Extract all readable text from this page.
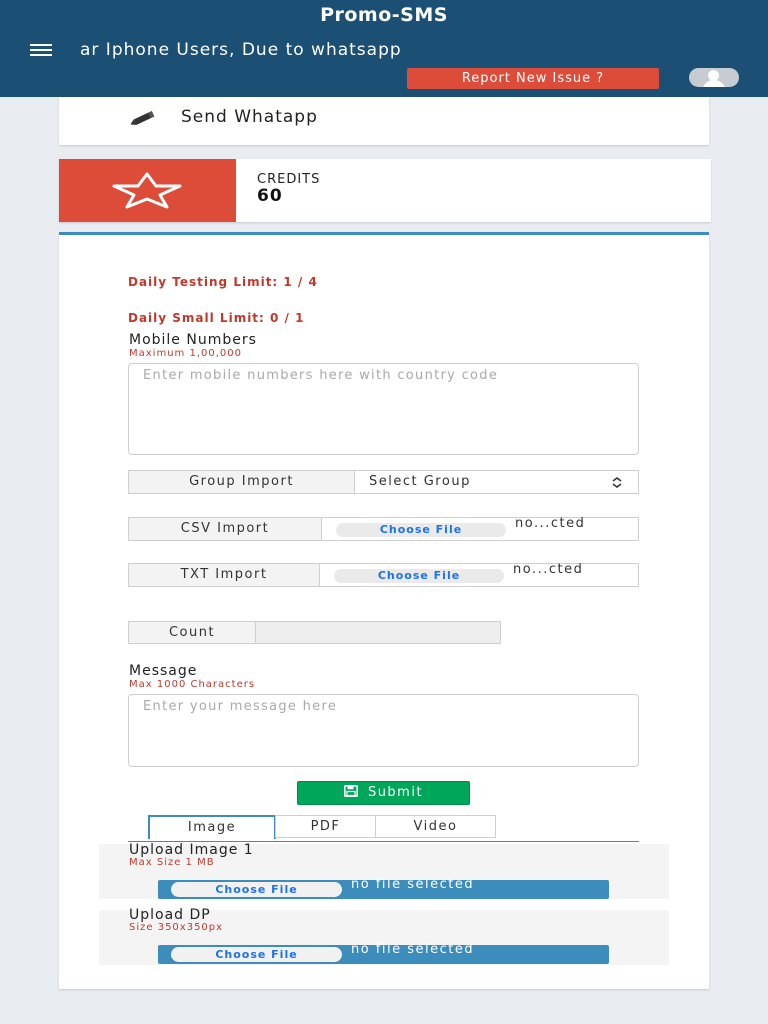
Promo-SMS
ar Iphone Users, Due to whatsapp
Report New Issue ?
Send Whatapp
CREDITS
60
Daily Testing Limit: 1 / 4
Daily Small Limit: 0 / 1
Mobile Numbers
Maximum 1,00,000
Enter mobile numbers here with country code
Group Import	Select Group
CSV Import	Choose File	no...cted
TXT Import	Choose File	no...cted
Count
Message
Max 1000 Characters
Enter your message here
Submit
Image	PDF	Video
Upload Image 1
Max Size 1 MB
Choose File	no file selected
Upload DP
Size 350x350px
Choose File	no file selected
